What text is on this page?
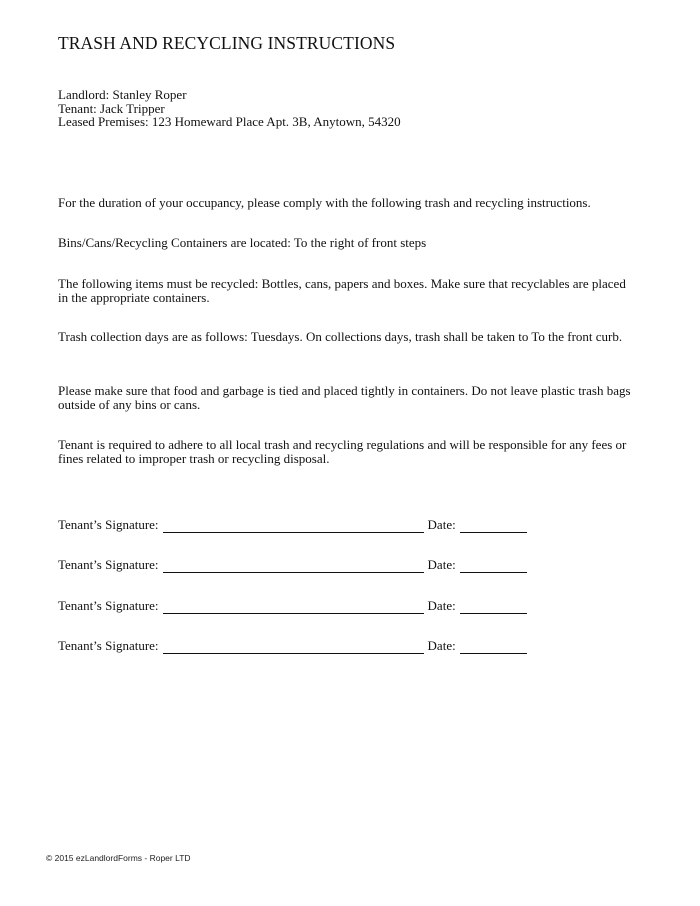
TRASH AND RECYCLING INSTRUCTIONS
Landlord: Stanley Roper
Tenant: Jack Tripper
Leased Premises: 123 Homeward Place Apt. 3B, Anytown, 54320
For the duration of your occupancy, please comply with the following trash and recycling instructions.
Bins/Cans/Recycling Containers are located: To the right of front steps
The following items must be recycled: Bottles, cans, papers and boxes. Make sure that recyclables are placed in the appropriate containers.
Trash collection days are as follows: Tuesdays. On collections days, trash shall be taken to To the front curb.
Please make sure that food and garbage is tied and placed tightly in containers. Do not leave plastic trash bags outside of any bins or cans.
Tenant is required to adhere to all local trash and recycling regulations and will be responsible for any fees or fines related to improper trash or recycling disposal.
Tenant’s Signature:	Date:
Tenant’s Signature:	Date:
Tenant’s Signature:	Date:
Tenant’s Signature:	Date:
© 2015 ezLandlordForms - Roper LTD
